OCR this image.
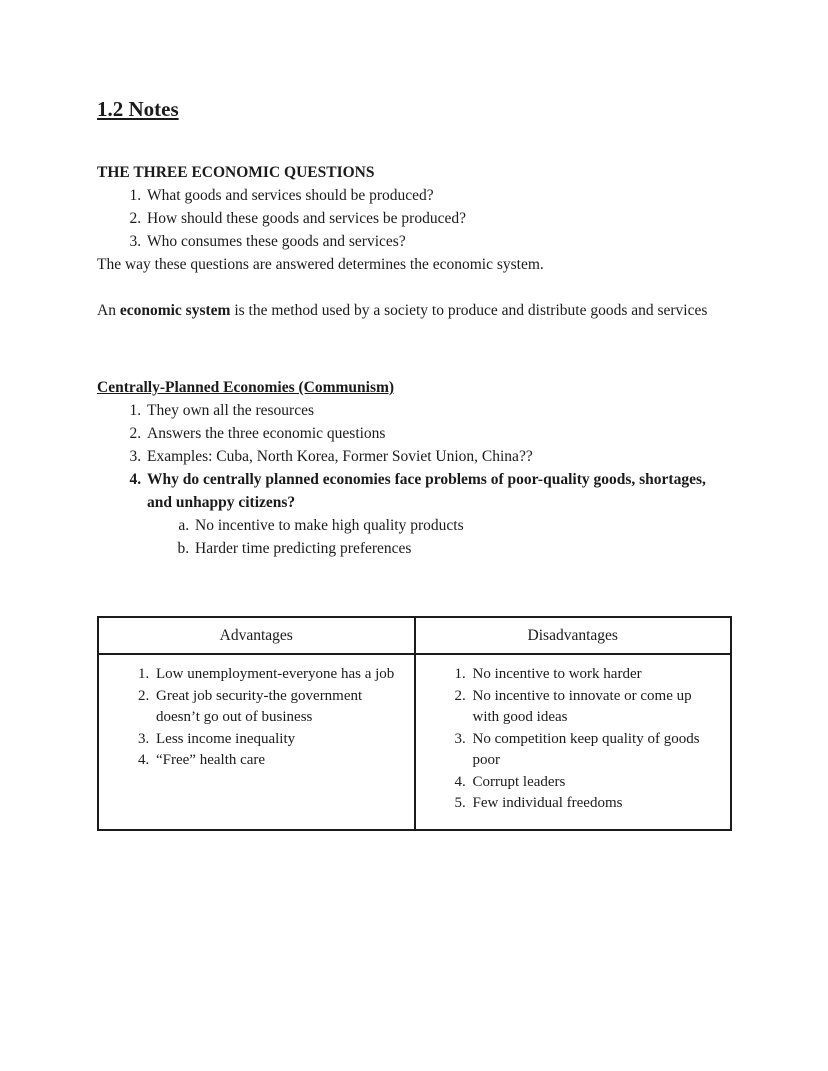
1.2 Notes

THE THREE ECONOMIC QUESTIONS

1. What goods and services should be produced?
2. How should these goods and services be produced?
3. Who consumes these goods and services?

The way these questions are answered determines the economic system.

An economic system is the method used by a society to produce and distribute goods and services

Centrally-Planned Economies (Communism)

1. They own all the resources
2. Answers the three economic questions
3. Examples: Cuba, North Korea, Former Soviet Union, China??
4. Why do centrally planned economies face problems of poor-quality goods, shortages, and unhappy citizens?
a. No incentive to make high quality products
b. Harder time predicting preferences
Advantages	Disadvantages

1. Low unemployment-everyone has a job
2. Great job security-the government doesn’t go out of business
3. Less income inequality
4. “Free” health care

1. No incentive to work harder
2. No incentive to innovate or come up with good ideas
3. No competition keep quality of goods poor
4. Corrupt leaders
5. Few individual freedoms
